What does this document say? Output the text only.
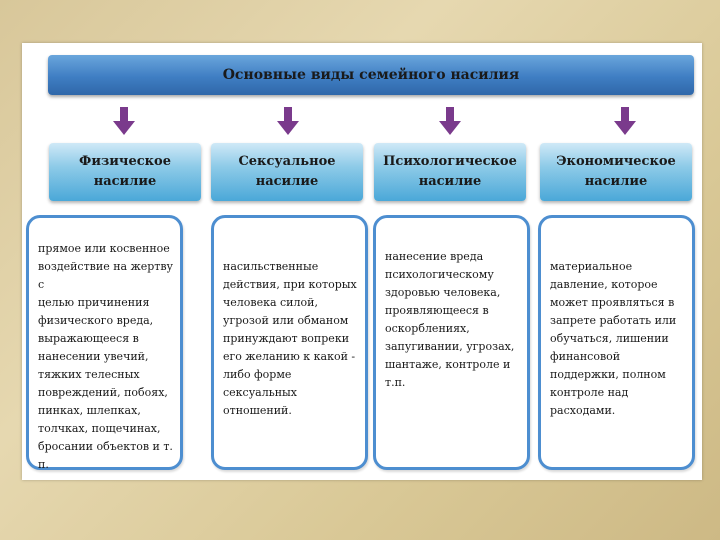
Основные виды семейного насилия
Физическое
насилие
Сексуальное
насилие
Психологическое
насилие
Экономическое
насилие
прямое или косвенное
воздействие на жертву с
целью причинения
физического вреда,
выражающееся в
нанесении увечий,
тяжких телесных
повреждений, побоях,
пинках, шлепках,
толчках, пощечинах,
бросании объектов и т. п.
насильственные
действия, при которых
человека силой,
угрозой или обманом
принуждают вопреки
его желанию к какой -
либо форме
сексуальных
отношений.
нанесение вреда
психологическому
здоровью человека,
проявляющееся в
оскорблениях,
запугивании, угрозах,
шантаже, контроле и
т.п.
материальное
давление, которое
может проявляться в
запрете работать или
обучаться, лишении
финансовой
поддержки, полном
контроле над
расходами.
